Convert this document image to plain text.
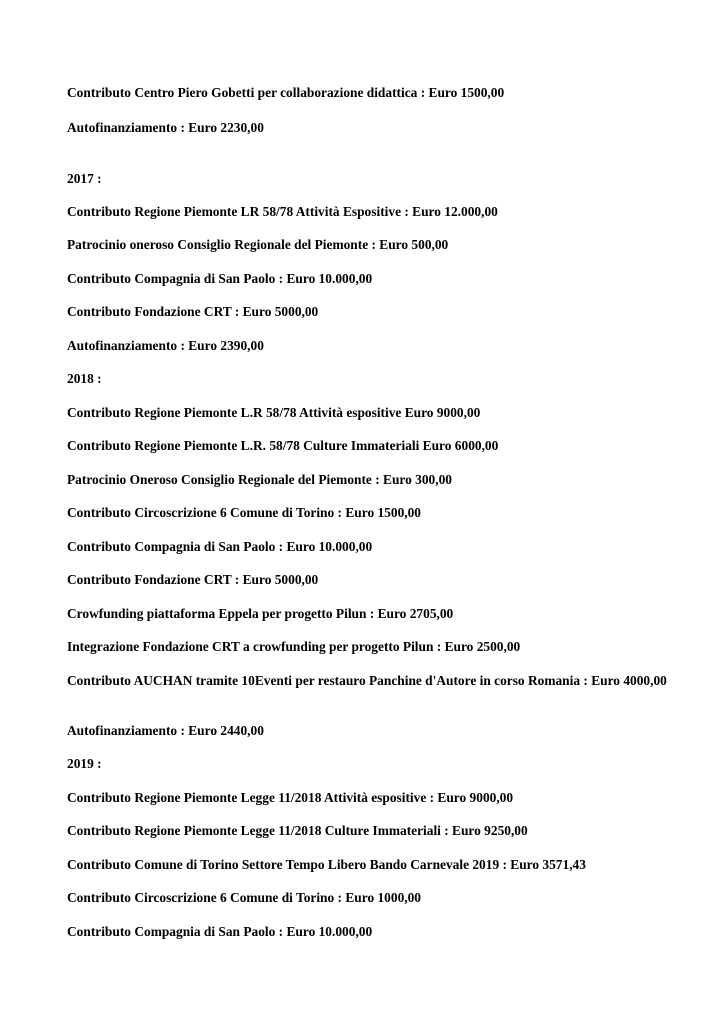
Contributo Centro Piero Gobetti per collaborazione didattica : Euro 1500,00
Autofinanziamento : Euro 2230,00
2017 :
Contributo Regione Piemonte LR 58/78 Attività Espositive : Euro 12.000,00
Patrocinio oneroso Consiglio Regionale del Piemonte : Euro 500,00
Contributo Compagnia di San Paolo : Euro 10.000,00
Contributo Fondazione CRT : Euro 5000,00
Autofinanziamento : Euro 2390,00
2018 :
Contributo Regione Piemonte L.R 58/78 Attività espositive Euro 9000,00
Contributo Regione Piemonte L.R. 58/78 Culture Immateriali Euro 6000,00
Patrocinio Oneroso Consiglio Regionale del Piemonte : Euro 300,00
Contributo Circoscrizione 6 Comune di Torino : Euro 1500,00
Contributo Compagnia di San Paolo : Euro 10.000,00
Contributo Fondazione CRT : Euro 5000,00
Crowfunding piattaforma Eppela per progetto Pilun : Euro 2705,00
Integrazione Fondazione CRT a crowfunding per progetto Pilun : Euro 2500,00
Contributo AUCHAN tramite 10Eventi per restauro Panchine d'Autore in corso Romania : Euro 4000,00
Autofinanziamento : Euro 2440,00
2019 :
Contributo Regione Piemonte Legge 11/2018 Attività espositive : Euro 9000,00
Contributo Regione Piemonte Legge 11/2018 Culture Immateriali : Euro 9250,00
Contributo Comune di Torino Settore Tempo Libero Bando Carnevale 2019 : Euro 3571,43
Contributo Circoscrizione 6 Comune di Torino : Euro 1000,00
Contributo Compagnia di San Paolo : Euro 10.000,00
